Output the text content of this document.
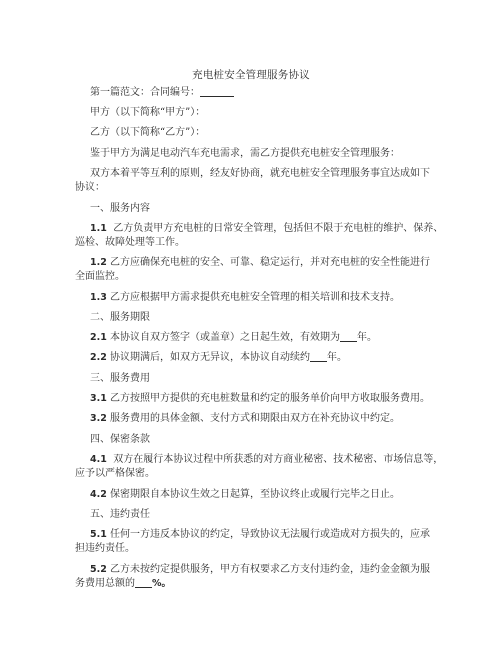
充电桩安全管理服务协议
第一篇范文：合同编号：
甲方（以下简称“甲方”）：
乙方（以下简称“乙方”）：
鉴于甲方为满足电动汽车充电需求，需乙方提供充电桩安全管理服务：
双方本着平等互利的原则，经友好协商，就充电桩安全管理服务事宜达成如下
协议：
一、服务内容
1.1 乙方负责甲方充电桩的日常安全管理，包括但不限于充电桩的维护、保养、
巡检、故障处理等工作。
1.2 乙方应确保充电桩的安全、可靠、稳定运行，并对充电桩的安全性能进行
全面监控。
1.3 乙方应根据甲方需求提供充电桩安全管理的相关培训和技术支持。
二、服务期限
2.1 本协议自双方签字（或盖章）之日起生效，有效期为 年。
2.2 协议期满后，如双方无异议，本协议自动续约 年。
三、服务费用
3.1 乙方按照甲方提供的充电桩数量和约定的服务单价向甲方收取服务费用。
3.2 服务费用的具体金额、支付方式和期限由双方在补充协议中约定。
四、保密条款
4.1 双方在履行本协议过程中所获悉的对方商业秘密、技术秘密、市场信息等，
应予以严格保密。
4.2 保密期限自本协议生效之日起算，至协议终止或履行完毕之日止。
五、违约责任
5.1 任何一方违反本协议的约定，导致协议无法履行或造成对方损失的，应承
担违约责任。
5.2 乙方未按约定提供服务，甲方有权要求乙方支付违约金，违约金金额为服
务费用总额的 %。
